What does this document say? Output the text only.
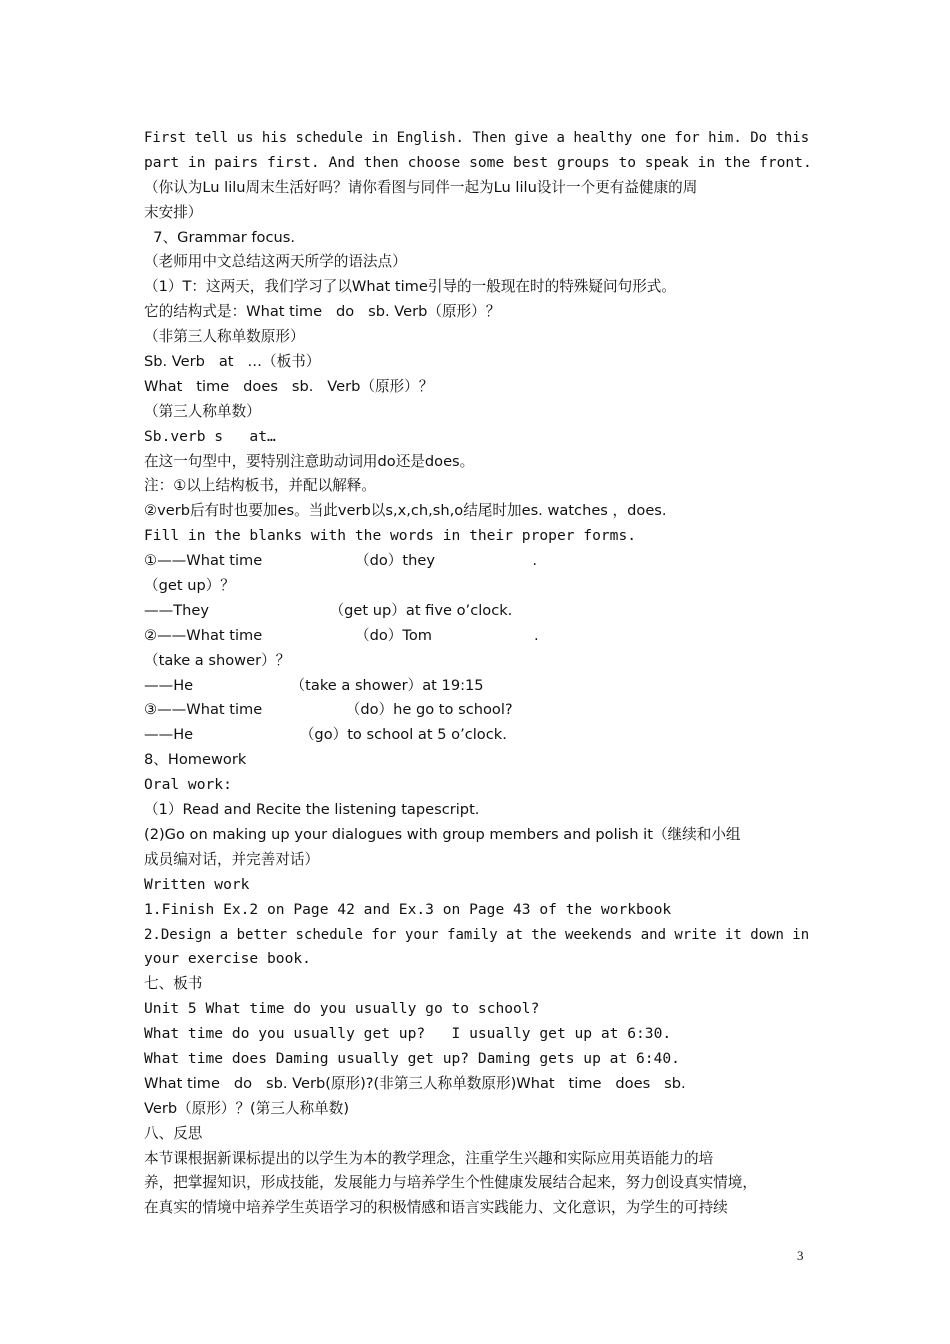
First tell us his schedule in English. Then give a healthy one for him. Do this
part in pairs first. And then choose some best groups to speak in the front.
（你认为Lu lilu周末生活好吗？请你看图与同伴一起为Lu lilu设计一个更有益健康的周
末安排）
7、Grammar focus.
（老师用中文总结这两天所学的语法点）
（1）T：这两天，我们学习了以What time引导的一般现在时的特殊疑问句形式。
它的结构式是：What time   do   sb. Verb（原形）？
（非第三人称单数原形）
Sb. Verb   at   …（板书）
What   time   does   sb.   Verb（原形）？
（第三人称单数）
Sb.verb s   at…
在这一句型中，要特别注意助动词用do还是does。
注：①以上结构板书，并配以解释。
②verb后有时也要加es。当此verb以s,x,ch,sh,o结尾时加es. watches ，does.
Fill in the blanks with the words in their proper forms.
①——What time                    （do）they                     .
（get up）？
——They                          （get up）at five o’clock.
②——What time                    （do）Tom                      .
（take a shower）？
——He                     （take a shower）at 19:15
③——What time                  （do）he go to school?
——He                       （go）to school at 5 o’clock.
8、Homework
Oral work:
（1）Read and Recite the listening tapescript.
(2)Go on making up your dialogues with group members and polish it（继续和小组
成员编对话，并完善对话）
Written work
1.Finish Ex.2 on Page 42 and Ex.3 on Page 43 of the workbook
2.Design a better schedule for your family at the weekends and write it down in
your exercise book.
七、板书
Unit 5 What time do you usually go to school?
What time do you usually get up?   I usually get up at 6:30.
What time does Daming usually get up? Daming gets up at 6:40.
What time   do   sb. Verb(原形)?(非第三人称单数原形)What   time   does   sb.
Verb（原形）？(第三人称单数)
八、反思
本节课根据新课标提出的以学生为本的教学理念，注重学生兴趣和实际应用英语能力的培
养，把掌握知识，形成技能，发展能力与培养学生个性健康发展结合起来，努力创设真实情境，
在真实的情境中培养学生英语学习的积极情感和语言实践能力、文化意识，为学生的可持续
3
